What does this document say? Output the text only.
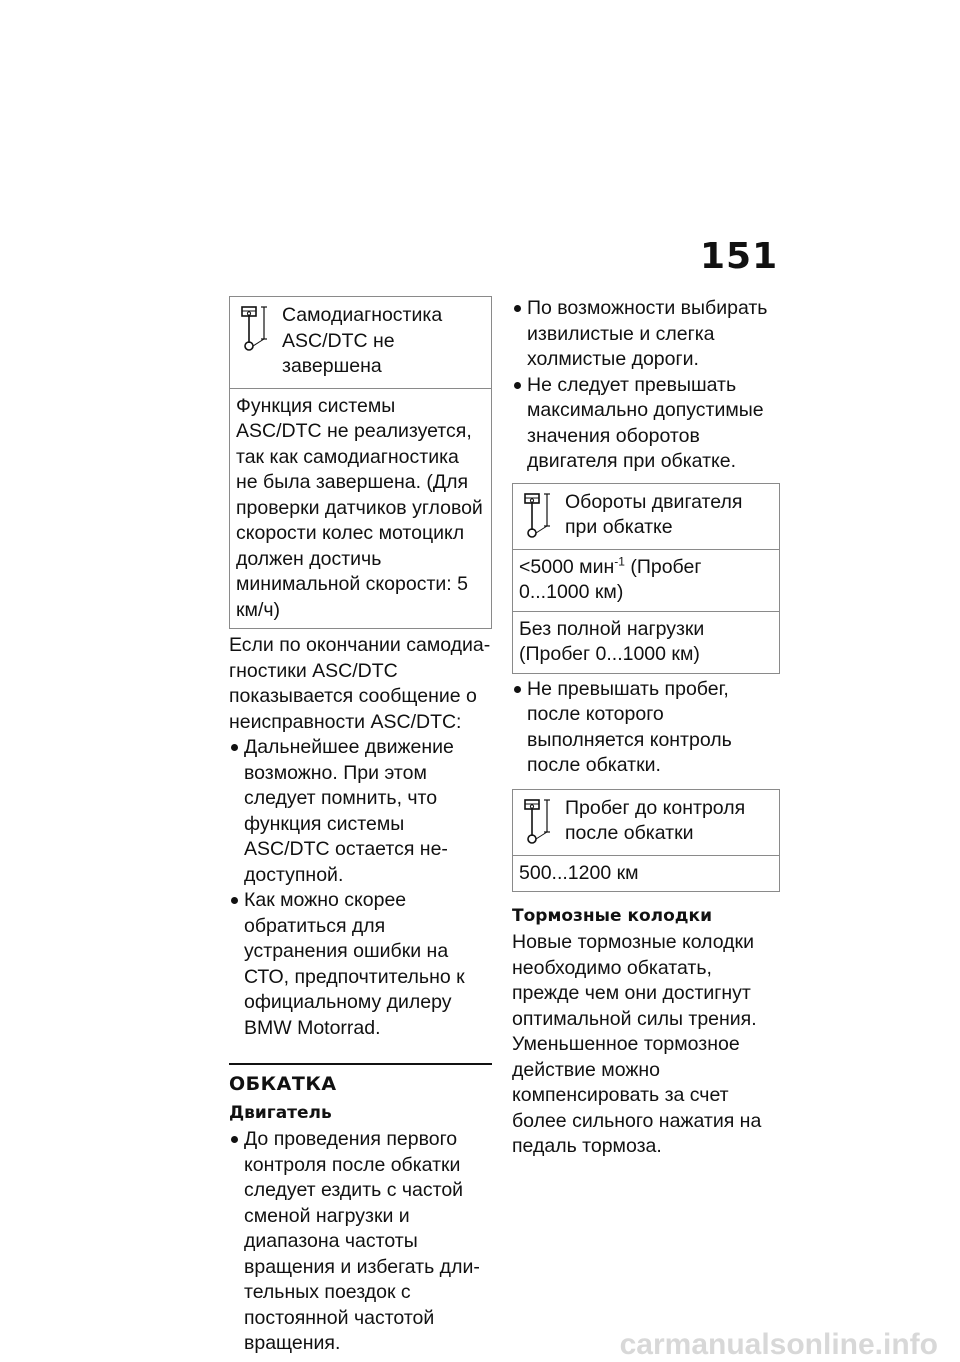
151
Самодиагностика ASC/DTC не завершена
Функция системы ASC/DTC не реализуется, так как самодиагностика не была завершена. (Для проверки датчиков угловой скорости колес мотоцикл должен достичь минимальной скорости: 5 км/ч)

Если по окончании самодиагностики ASC/DTC показывается сообщение о неисправности ASC/DTC:

Дальнейшее движение возможно. При этом следует помнить, что функция системы ASC/DTC остается недоступной.
Как можно скорее обратиться для устранения ошибки на СТО, предпочтительно к официальному дилеру BMW Motorrad.
ОБКАТКА
Двигатель
До проведения первого контроля после обкатки следует ездить с частой сменой нагрузки и диапазона частоты вращения и избегать длительных поездок с постоянной частотой вращения.
По возможности выбирать извилистые и слегка холмистые дороги.
Не следует превышать максимально допустимые значения оборотов двигателя при обкатке.
Обороты двигателя при обкатке
<5000 мин$^{-1}$ (Пробег 0...1000 км)
Без полной нагрузки (Пробег 0...1000 км)
Не превышать пробег, после которого выполняется контроль после обкатки.
Пробег до контроля после обкатки
500...1200 км
Тормозные колодки

Новые тормозные колодки необходимо обкатать, прежде чем они достигнут оптимальной силы трения. Уменьшенное тормозное действие можно компенсировать за счет более сильного нажатия на педаль тормоза.

carmanualsonline.info
